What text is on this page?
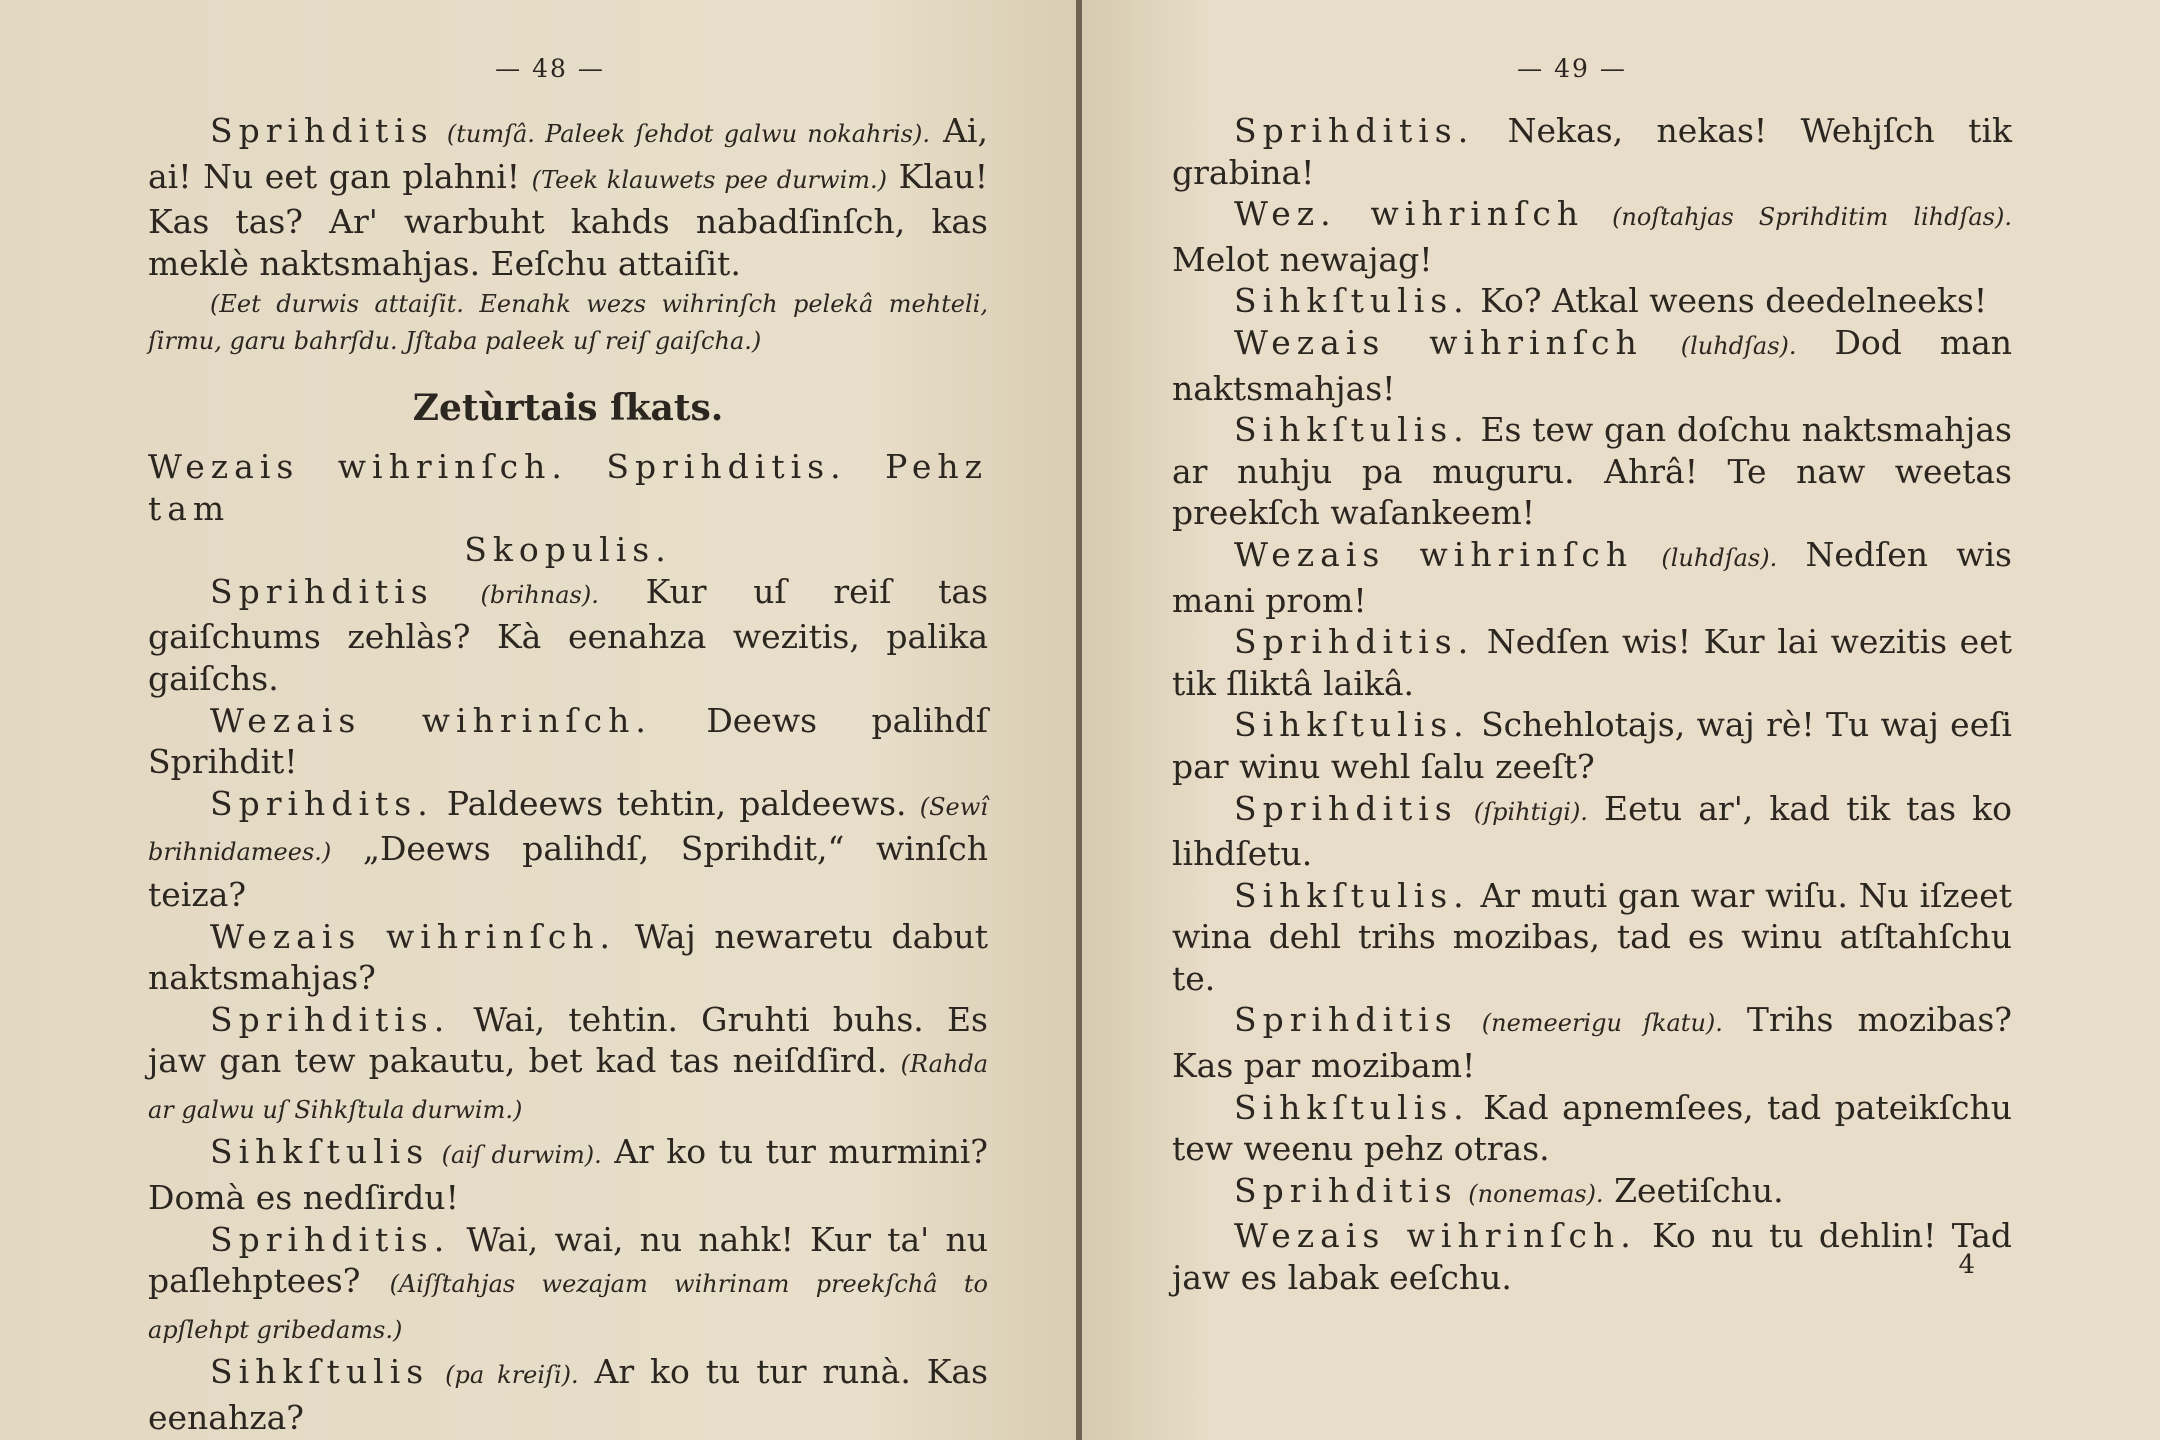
— 48 —

Sprihditis (tumſâ. Paleek ſehdot galwu nokahris). Ai, ai! Nu eet gan plahni! (Teek klauwets pee durwim.) Klau! Kas tas? Ar' warbuht kahds nabadſinſch, kas meklè naktsmahjas. Eeſchu attaiſit.

(Eet durwis attaiſit. Eenahk wezs wihrinſch pelekâ mehteli, ſirmu, garu bahrſdu. Jſtaba paleek uſ reiſ gaiſcha.)

Zetùrtais ſkats.

Wezais wihrinſch. Sprihditis. Pehz tam

Skopulis.

Sprihditis (brihnas). Kur uſ reiſ tas gaiſchums zehlàs? Kà eenahza wezitis, palika gaiſchs.

Wezais wihrinſch. Deews palihdſ Sprihdit!

Sprihdits. Paldeews tehtin, paldeews. (Sewî brihnidamees.) „Deews palihdſ, Sprihdit,“ winſch teiza?

Wezais wihrinſch. Waj newaretu dabut naktsmahjas?

Sprihditis. Wai, tehtin. Gruhti buhs. Es jaw gan tew pakautu, bet kad tas neiſdſird. (Rahda ar galwu uſ Sihkſtula durwim.)

Sihkſtulis (aiſ durwim). Ar ko tu tur murmini? Domà es nedſirdu!

Sprihditis. Wai, wai, nu nahk! Kur ta' nu paſlehptees? (Aiſſtahjas wezajam wihrinam preekſchâ to apſlehpt gribedams.)

Sihkſtulis (pa kreiſi). Ar ko tu tur runà. Kas eenahza?

— 49 —

Sprihditis. Nekas, nekas! Wehjſch tik grabina!

Wez. wihrinſch (noſtahjas Sprihditim lihdſas). Melot newajag!

Sihkſtulis. Ko? Atkal weens deedelneeks!

Wezais wihrinſch (luhdſas). Dod man naktsmahjas!

Sihkſtulis. Es tew gan doſchu naktsmahjas ar nuhju pa muguru. Ahrâ! Te naw weetas preekſch waſankeem!

Wezais wihrinſch (luhdſas). Nedſen wis mani prom!

Sprihditis. Nedſen wis! Kur lai wezitis eet tik ſliktâ laikâ.

Sihkſtulis. Schehlotajs, waj rè! Tu waj eeſi par winu wehl ſalu zeeſt?

Sprihditis (ſpihtigi). Eetu ar', kad tik tas ko lihdſetu.

Sihkſtulis. Ar muti gan war wiſu. Nu iſzeet wina dehl trihs mozibas, tad es winu atſtahſchu te.

Sprihditis (nemeerigu ſkatu). Trihs mozibas? Kas par mozibam!

Sihkſtulis. Kad apnemſees, tad pateikſchu tew weenu pehz otras.

Sprihditis (nonemas). Zeetiſchu.

Wezais wihrinſch. Ko nu tu dehlin! Tad jaw es labak eeſchu.	4
